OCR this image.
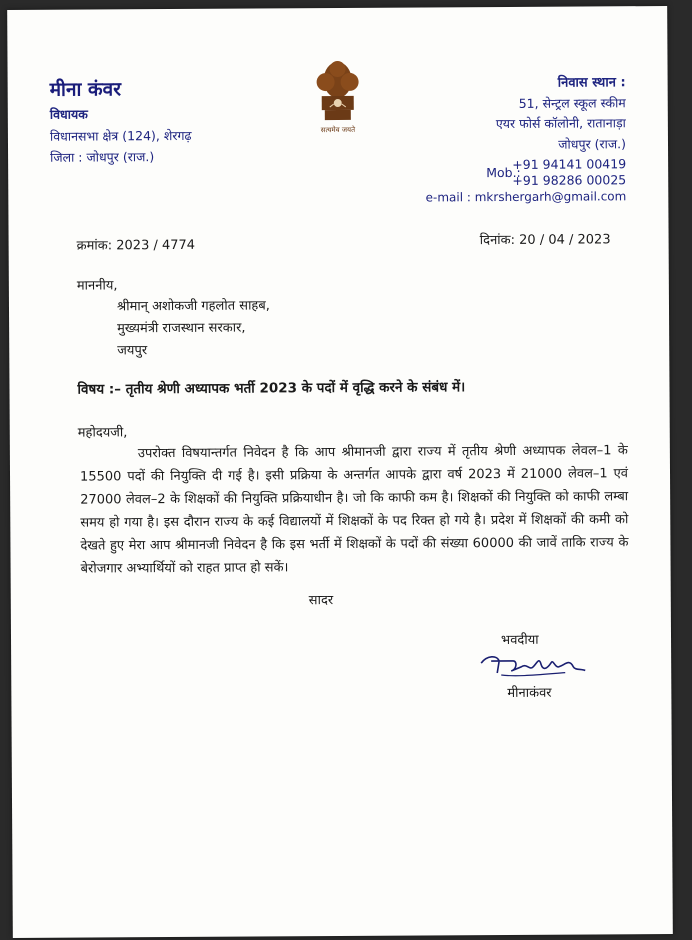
मीना कंवर
विधायक
विधानसभा क्षेत्र (124), शेरगढ़
जिला : जोधपुर (राज.)
सत्यमेव जयते
निवास स्थान :
51, सेन्ट्रल स्कूल स्कीम
एयर फोर्स कॉलोनी, रातानाड़ा
जोधपुर (राज.)
Mob.:
+91 94141 00419
+91 98286 00025
e-mail : mkrshergarh@gmail.com
क्रमांक: 2023 / 4774	दिनांक: 20 / 04 / 2023
माननीय,
श्रीमान् अशोकजी गहलोत साहब,
मुख्यमंत्री राजस्थान सरकार,
जयपुर
विषय :– तृतीय श्रेणी अध्यापक भर्ती 2023 के पदों में वृद्धि करने के संबंध में।
महोदयजी,

उपरोक्त विषयान्तर्गत निवेदन है कि आप श्रीमानजी द्वारा राज्य में तृतीय श्रेणी अध्यापक लेवल–1 के 15500 पदों की नियुक्ति दी गई है। इसी प्रक्रिया के अन्तर्गत आपके द्वारा वर्ष 2023 में 21000 लेवल–1 एवं 27000 लेवल–2 के शिक्षकों की नियुक्ति प्रक्रियाधीन है। जो कि काफी कम है। शिक्षकों की नियुक्ति को काफी लम्बा समय हो गया है। इस दौरान राज्य के कई विद्यालयों में शिक्षकों के पद रिक्त हो गये है। प्रदेश में शिक्षकों की कमी को देखते हुए मेरा आप श्रीमानजी निवेदन है कि इस भर्ती में शिक्षकों के पदों की संख्या 60000 की जावें ताकि राज्य के बेरोजगार अभ्यार्थियों को राहत प्राप्त हो सकें।

सादर
भवदीया
मीनाकंवर
